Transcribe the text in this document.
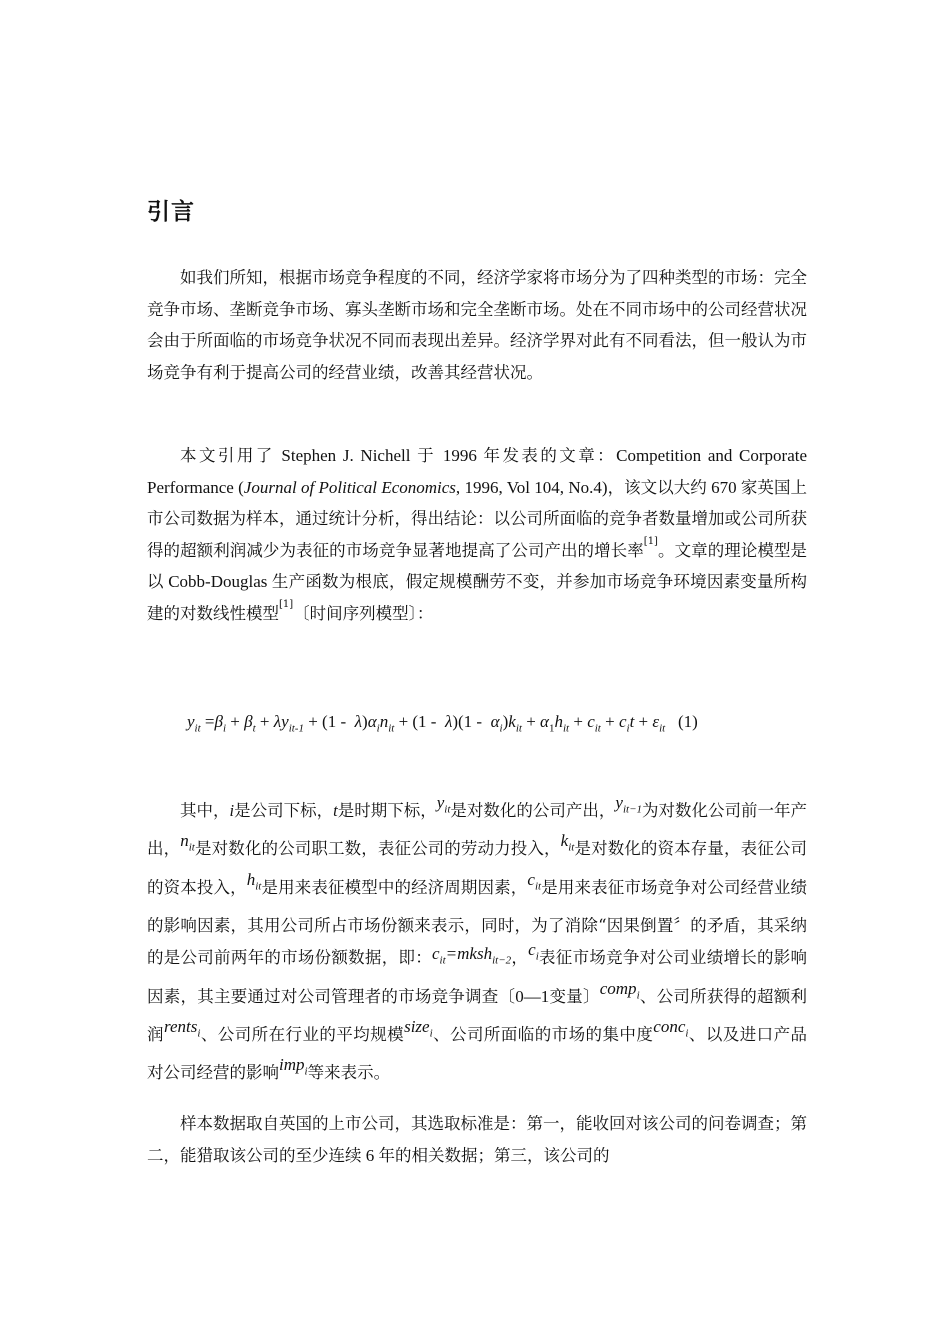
引言

如我们所知，根据市场竞争程度的不同，经济学家将市场分为了四种类型的市场：完全竞争市场、垄断竞争市场、寡头垄断市场和完全垄断市场。处在不同市场中的公司经营状况会由于所面临的市场竞争状况不同而表现出差异。经济学界对此有不同看法，但一般认为市场竞争有利于提高公司的经营业绩，改善其经营状况。

本文引用了 Stephen J. Nichell 于 1996 年发表的文章：Competition and Corporate Performance (Journal of Political Economics, 1996, Vol 104, No.4)，该文以大约 670 家英国上市公司数据为样本，通过统计分析，得出结论：以公司所面临的竞争者数量增加或公司所获得的超额利润减少为表征的市场竞争显著地提高了公司产出的增长率[1]。文章的理论模型是以 Cobb-Douglas 生产函数为根底，假定规模酬劳不变，并参加市场竞争环境因素变量所构建的对数线性模型[1]〔时间序列模型〕：

$y_{it} =\beta_i + \beta_t + \lambda y_{it-1} + (1 - \lambda)\alpha_in_{it} + (1 - \lambda)(1 - \alpha_i)k_{it} + \alpha_1h_{it} + c_{it} + c_it + \varepsilon_{it}$ (1)

其中，i是公司下标，t是时期下标，$y_{it}$是对数化的公司产出，$y_{it-1}$为对数化公司前一年产出，$n_{it}$是对数化的公司职工数，表征公司的劳动力投入，$k_{it}$是对数化的资本存量，表征公司的资本投入，$h_{it}$是用来表征模型中的经济周期因素，$c_{it}$是用来表征市场竞争对公司经营业绩的影响因素，其用公司所占市场份额来表示，同时，为了消除“因果倒置〞的矛盾，其采纳的是公司前两年的市场份额数据，即：$c_{it}=mksh_{it-2}$，$c_i$表征市场竞争对公司业绩增长的影响因素，其主要通过对公司管理者的市场竞争调查〔0—1变量〕comp$_i$、公司所获得的超额利润rents$_i$、公司所在行业的平均规模size$_i$、公司所面临的市场的集中度conc$_i$、以及进口产品对公司经营的影响imp$_i$等来表示。

样本数据取自英国的上市公司，其选取标准是：第一，能收回对该公司的问卷调查；第二，能猎取该公司的至少连续 6 年的相关数据；第三，该公司的
